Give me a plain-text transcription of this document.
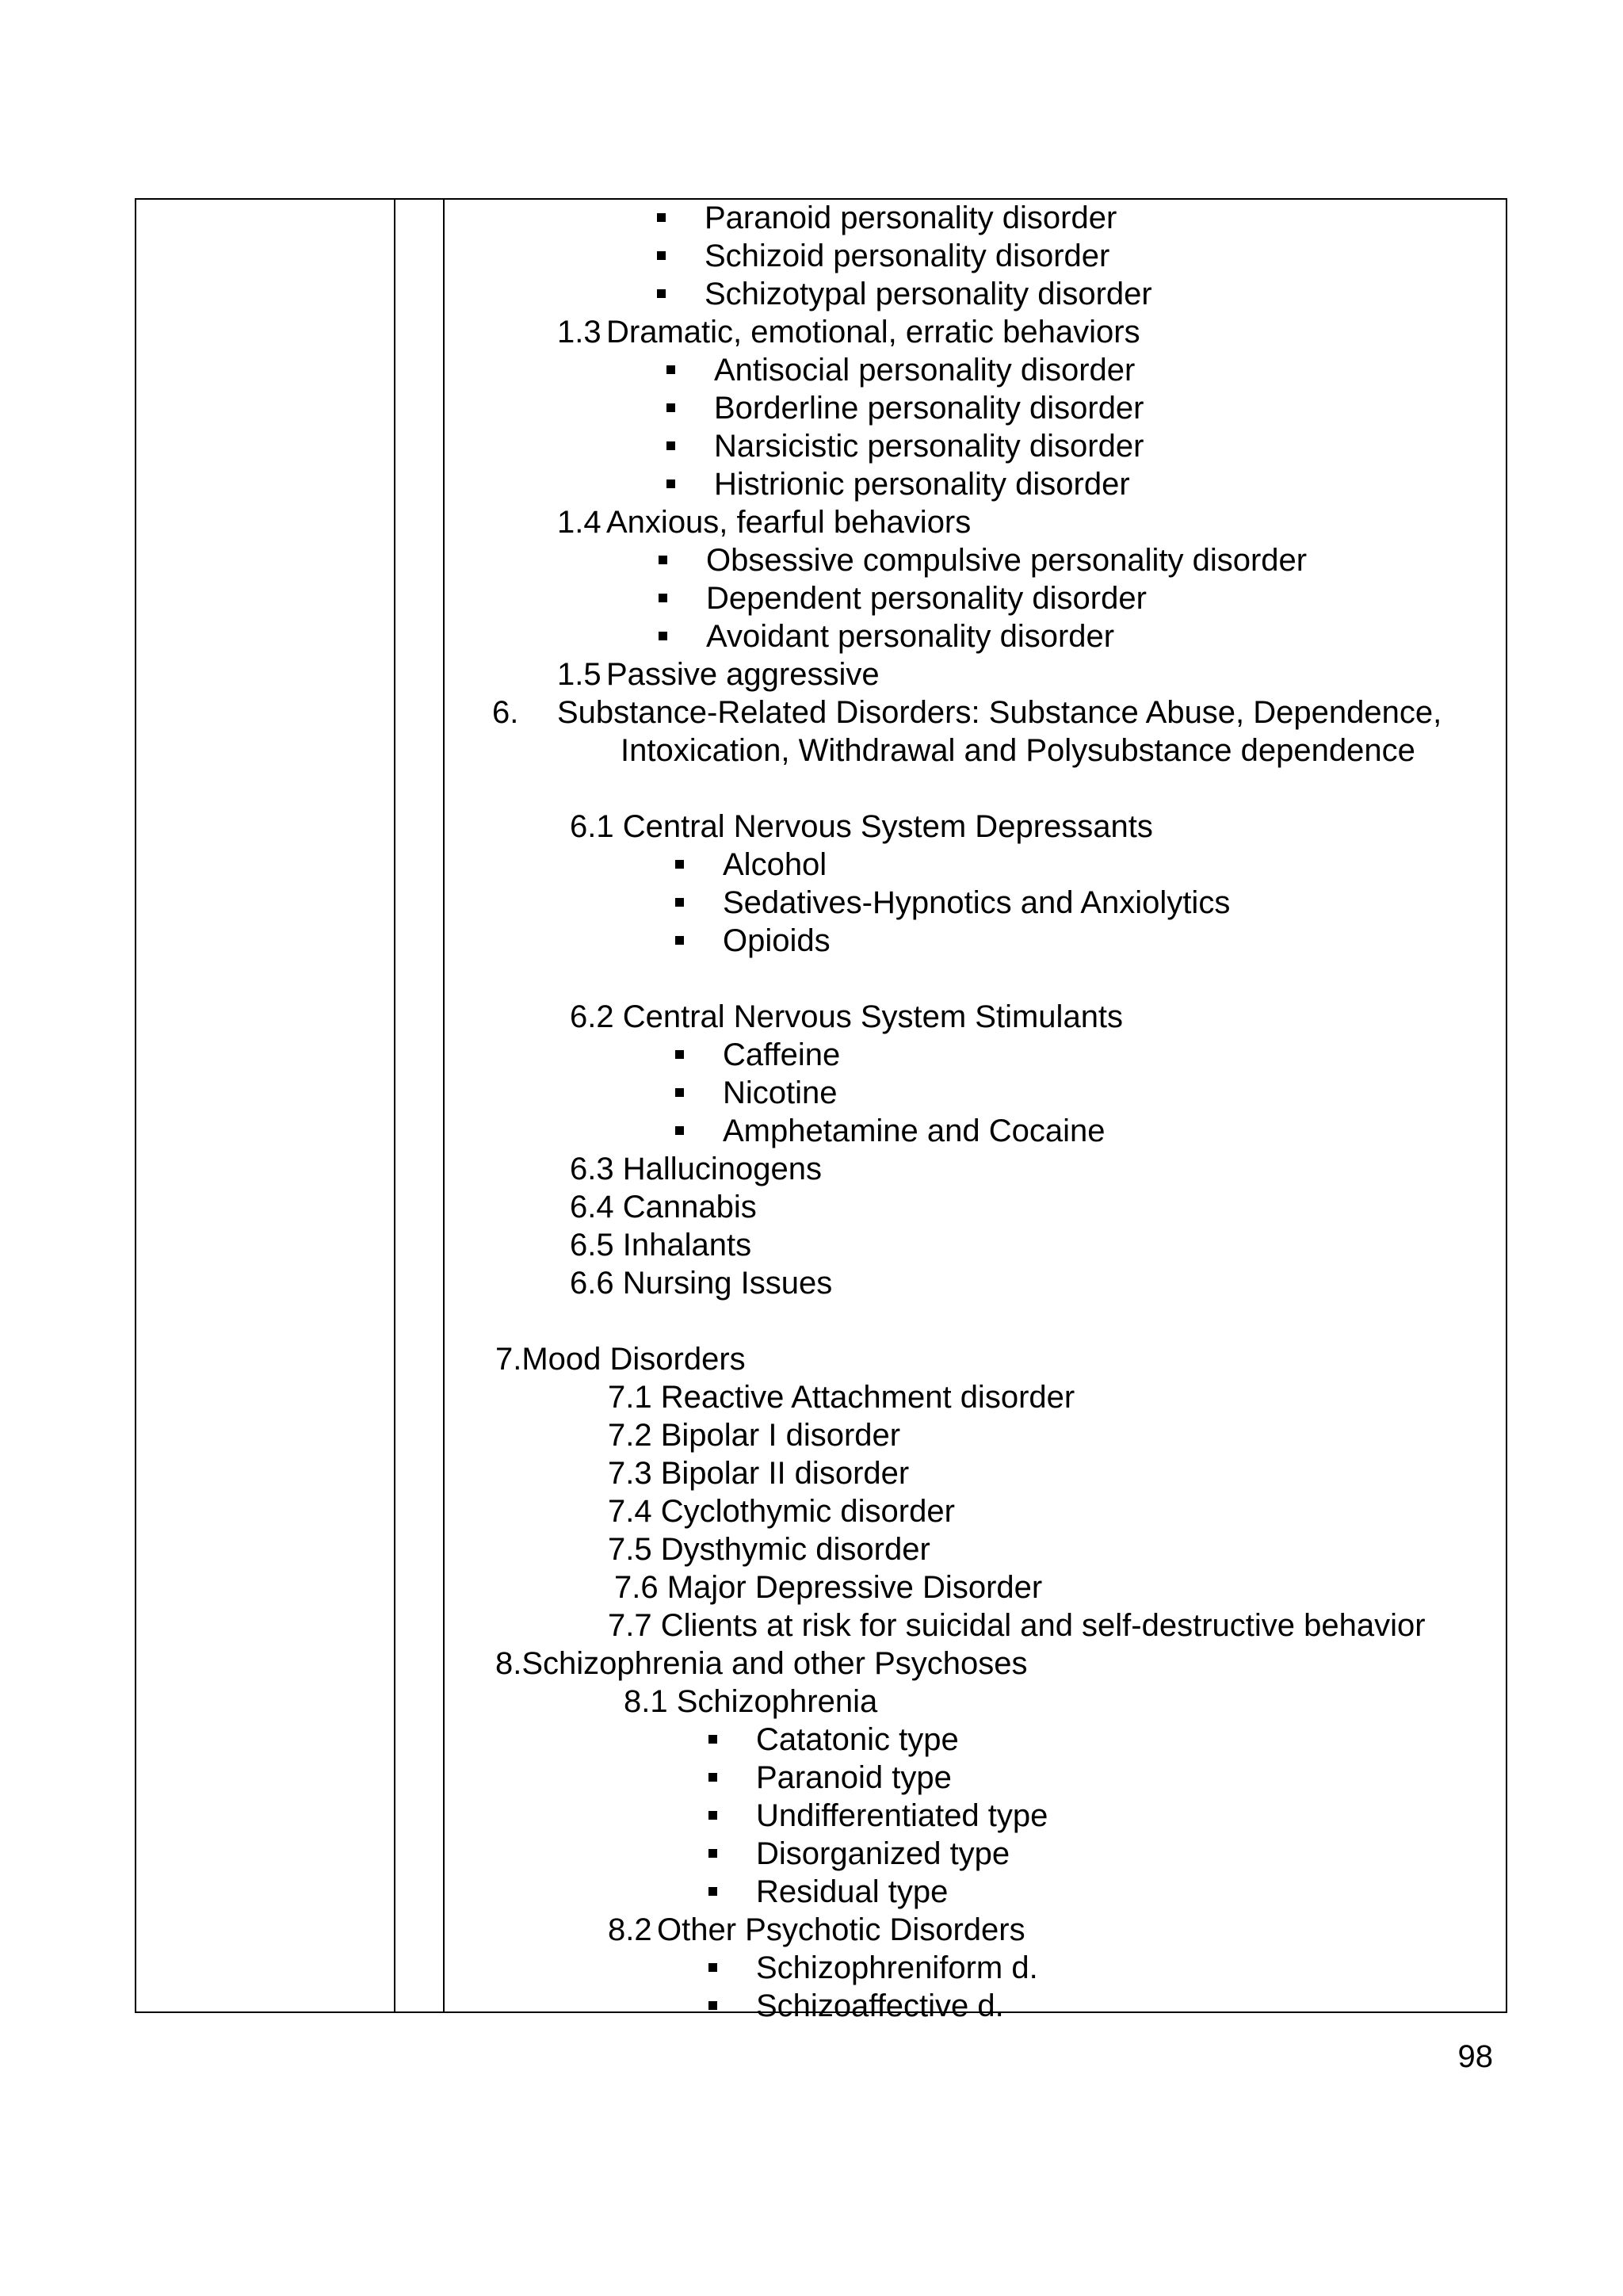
Paranoid personality disorder
Schizoid personality disorder
Schizotypal personality disorder
1.3 Dramatic, emotional, erratic behaviors
Antisocial personality disorder
Borderline personality disorder
Narsicistic personality disorder
Histrionic personality disorder
1.4 Anxious, fearful behaviors
Obsessive compulsive personality disorder
Dependent personality disorder
Avoidant personality disorder
1.5 Passive aggressive
6. Substance-Related Disorders: Substance Abuse, Dependence,
Intoxication, Withdrawal and Polysubstance dependence
6.1 Central Nervous System Depressants
Alcohol
Sedatives-Hypnotics and Anxiolytics
Opioids
6.2 Central Nervous System Stimulants
Caffeine
Nicotine
Amphetamine and Cocaine
6.3 Hallucinogens
6.4 Cannabis
6.5 Inhalants
6.6 Nursing Issues
7.Mood Disorders
7.1 Reactive Attachment disorder
7.2 Bipolar I disorder
7.3 Bipolar II disorder
7.4 Cyclothymic disorder
7.5 Dysthymic disorder
7.6 Major Depressive Disorder
7.7 Clients at risk for suicidal and self-destructive behavior
8.Schizophrenia and other Psychoses
8.1 Schizophrenia
Catatonic type
Paranoid type
Undifferentiated type
Disorganized type
Residual type
8.2 Other Psychotic Disorders
Schizophreniform d.
Schizoaffective d.
98
